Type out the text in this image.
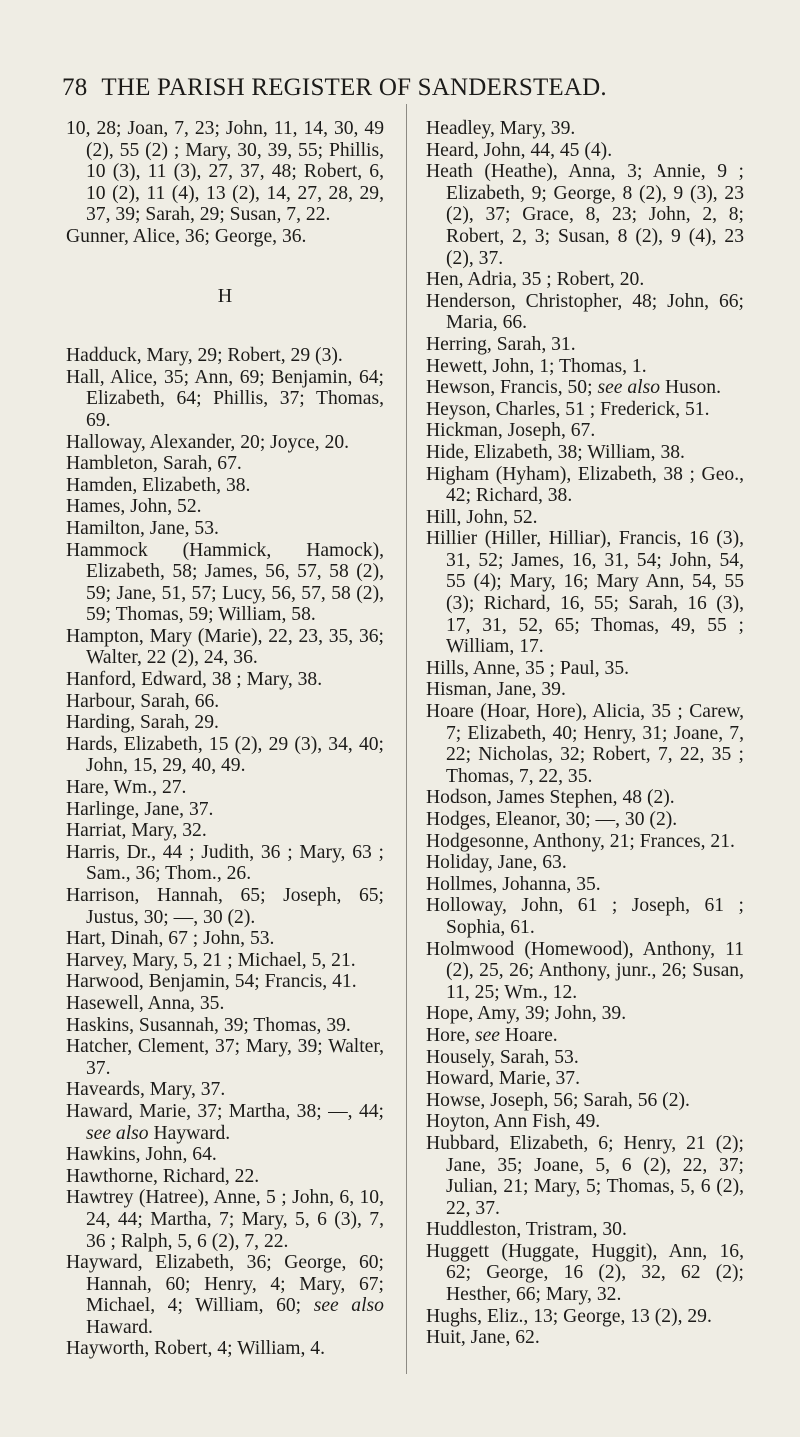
78 THE PARISH REGISTER OF SANDERSTEAD.
10, 28; Joan, 7, 23; John, 11, 14, 30, 49 (2), 55 (2) ; Mary, 30, 39, 55; Phillis, 10 (3), 11 (3), 27, 37, 48; Robert, 6, 10 (2), 11 (4), 13 (2), 14, 27, 28, 29, 37, 39; Sarah, 29; Susan, 7, 22.
Gunner, Alice, 36; George, 36.
H
Hadduck, Mary, 29; Robert, 29 (3).
Hall, Alice, 35; Ann, 69; Benjamin, 64; Elizabeth, 64; Phillis, 37; Thomas, 69.
Halloway, Alexander, 20; Joyce, 20.
Hambleton, Sarah, 67.
Hamden, Elizabeth, 38.
Hames, John, 52.
Hamilton, Jane, 53.
Hammock (Hammick, Hamock), Elizabeth, 58; James, 56, 57, 58 (2), 59; Jane, 51, 57; Lucy, 56, 57, 58 (2), 59; Thomas, 59; William, 58.
Hampton, Mary (Marie), 22, 23, 35, 36; Walter, 22 (2), 24, 36.
Hanford, Edward, 38 ; Mary, 38.
Harbour, Sarah, 66.
Harding, Sarah, 29.
Hards, Elizabeth, 15 (2), 29 (3), 34, 40; John, 15, 29, 40, 49.
Hare, Wm., 27.
Harlinge, Jane, 37.
Harriat, Mary, 32.
Harris, Dr., 44 ; Judith, 36 ; Mary, 63 ; Sam., 36; Thom., 26.
Harrison, Hannah, 65; Joseph, 65; Justus, 30; —, 30 (2).
Hart, Dinah, 67 ; John, 53.
Harvey, Mary, 5, 21 ; Michael, 5, 21.
Harwood, Benjamin, 54; Francis, 41.
Hasewell, Anna, 35.
Haskins, Susannah, 39; Thomas, 39.
Hatcher, Clement, 37; Mary, 39; Walter, 37.
Haveards, Mary, 37.
Haward, Marie, 37; Martha, 38; —, 44; see also Hayward.
Hawkins, John, 64.
Hawthorne, Richard, 22.
Hawtrey (Hatree), Anne, 5 ; John, 6, 10, 24, 44; Martha, 7; Mary, 5, 6 (3), 7, 36 ; Ralph, 5, 6 (2), 7, 22.
Hayward, Elizabeth, 36; George, 60; Hannah, 60; Henry, 4; Mary, 67; Michael, 4; William, 60; see also Haward.
Hayworth, Robert, 4; William, 4.
Headley, Mary, 39.
Heard, John, 44, 45 (4).
Heath (Heathe), Anna, 3; Annie, 9 ; Elizabeth, 9; George, 8 (2), 9 (3), 23 (2), 37; Grace, 8, 23; John, 2, 8; Robert, 2, 3; Susan, 8 (2), 9 (4), 23 (2), 37.
Hen, Adria, 35 ; Robert, 20.
Henderson, Christopher, 48; John, 66; Maria, 66.
Herring, Sarah, 31.
Hewett, John, 1; Thomas, 1.
Hewson, Francis, 50; see also Huson.
Heyson, Charles, 51 ; Frederick, 51.
Hickman, Joseph, 67.
Hide, Elizabeth, 38; William, 38.
Higham (Hyham), Elizabeth, 38 ; Geo., 42; Richard, 38.
Hill, John, 52.
Hillier (Hiller, Hilliar), Francis, 16 (3), 31, 52; James, 16, 31, 54; John, 54, 55 (4); Mary, 16; Mary Ann, 54, 55 (3); Richard, 16, 55; Sarah, 16 (3), 17, 31, 52, 65; Thomas, 49, 55 ; William, 17.
Hills, Anne, 35 ; Paul, 35.
Hisman, Jane, 39.
Hoare (Hoar, Hore), Alicia, 35 ; Carew, 7; Elizabeth, 40; Henry, 31; Joane, 7, 22; Nicholas, 32; Robert, 7, 22, 35 ; Thomas, 7, 22, 35.
Hodson, James Stephen, 48 (2).
Hodges, Eleanor, 30; —, 30 (2).
Hodgesonne, Anthony, 21; Frances, 21.
Holiday, Jane, 63.
Hollmes, Johanna, 35.
Holloway, John, 61 ; Joseph, 61 ; Sophia, 61.
Holmwood (Homewood), Anthony, 11 (2), 25, 26; Anthony, junr., 26; Susan, 11, 25; Wm., 12.
Hope, Amy, 39; John, 39.
Hore, see Hoare.
Housely, Sarah, 53.
Howard, Marie, 37.
Howse, Joseph, 56; Sarah, 56 (2).
Hoyton, Ann Fish, 49.
Hubbard, Elizabeth, 6; Henry, 21 (2); Jane, 35; Joane, 5, 6 (2), 22, 37; Julian, 21; Mary, 5; Thomas, 5, 6 (2), 22, 37.
Huddleston, Tristram, 30.
Huggett (Huggate, Huggit), Ann, 16, 62; George, 16 (2), 32, 62 (2); Hesther, 66; Mary, 32.
Hughs, Eliz., 13; George, 13 (2), 29.
Huit, Jane, 62.
